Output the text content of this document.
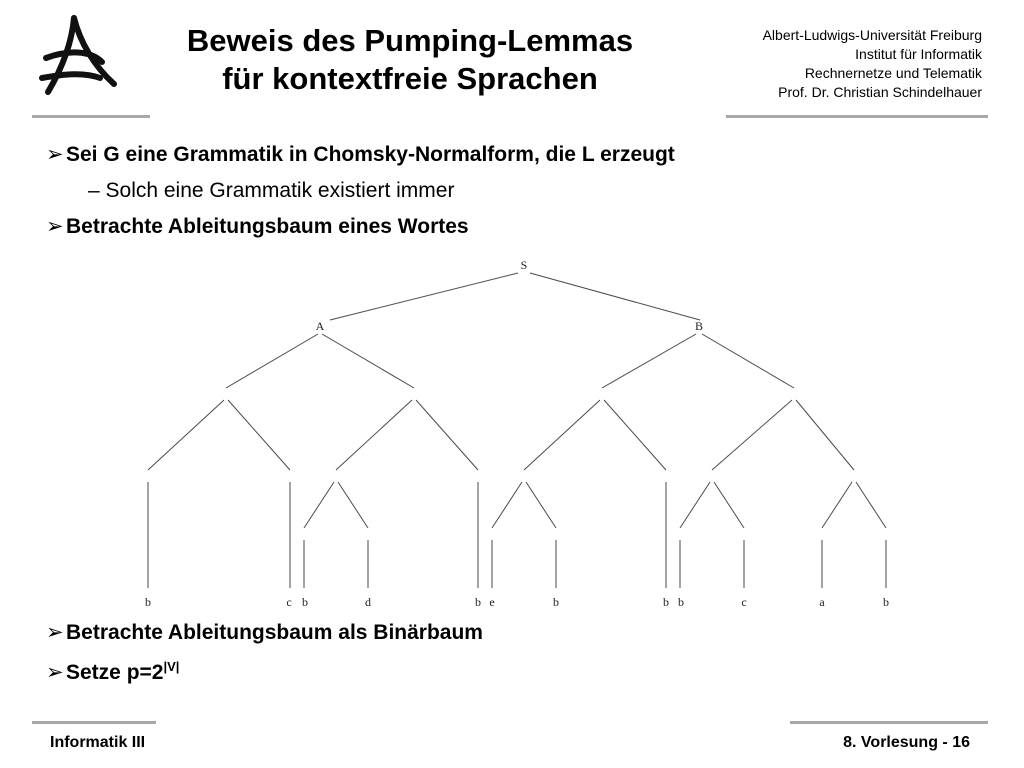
Beweis des Pumping-Lemmas
für kontextfreie Sprachen
Albert-Ludwigs-Universität Freiburg
Institut für Informatik
Rechnernetze und Telematik
Prof. Dr. Christian Schindelhauer
➢ Sei G eine Grammatik in Chomsky-Normalform, die L erzeugt
– Solch eine Grammatik existiert immer
➢ Betrachte Ableitungsbaum eines Wortes
S
A	B
b	c b	d	b e	b	b b	c	a	b
➢ Betrachte Ableitungsbaum als Binärbaum
➢ Setze $p=2^{|V|}$
Informatik III	8. Vorlesung - 16
